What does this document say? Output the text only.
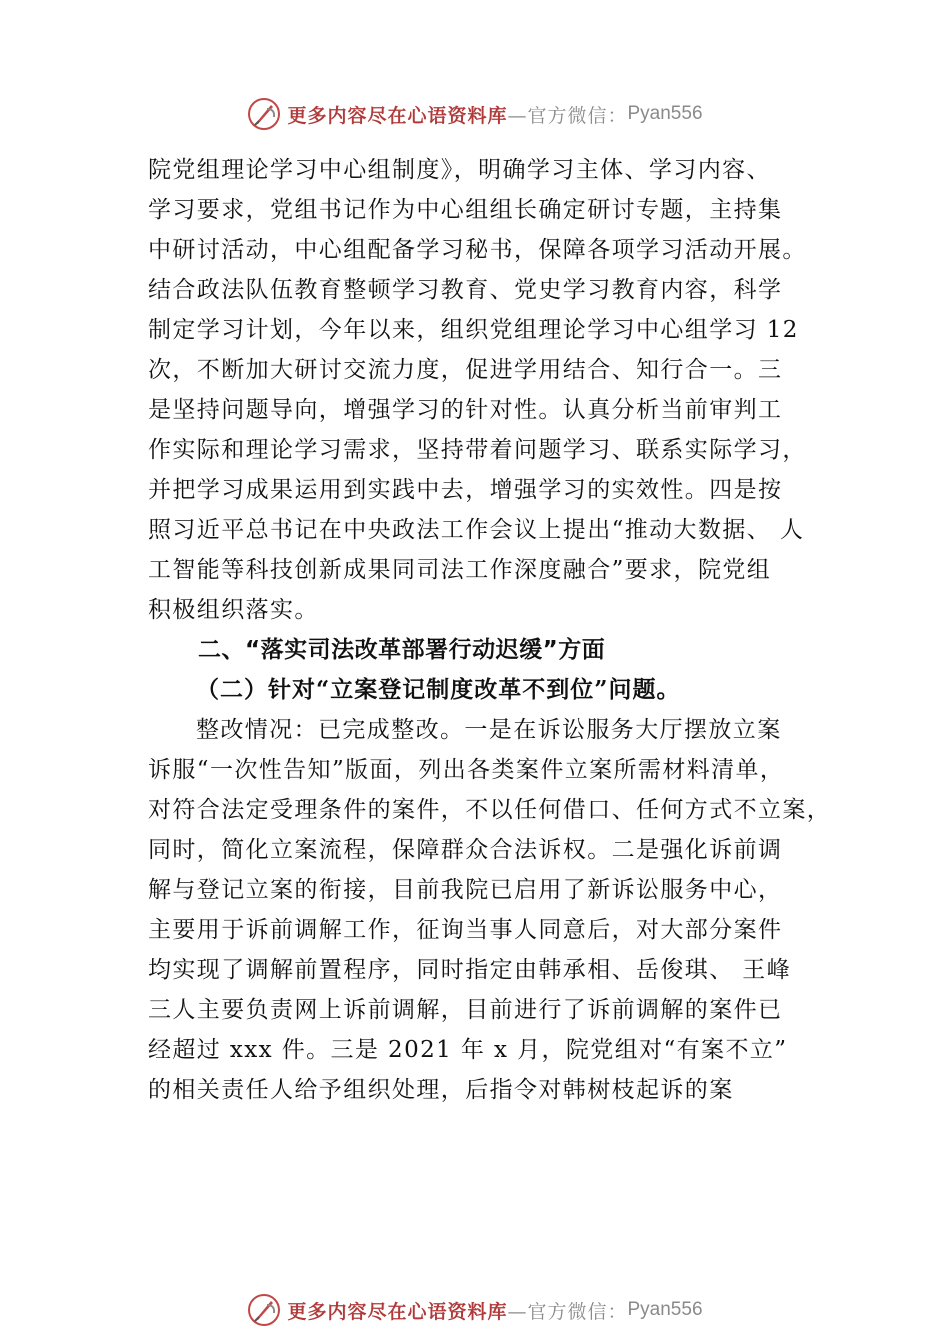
更多内容尽在心语资料库 —官方微信： Pyan556
院党组理论学习中心组制度》，明确学习主体、学习内容、
学习要求，党组书记作为中心组组长确定研讨专题，主持集
中研讨活动，中心组配备学习秘书，保障各项学习活动开展。
结合政法队伍教育整顿学习教育、党史学习教育内容，科学
制定学习计划，今年以来，组织党组理论学习中心组学习 12
次，不断加大研讨交流力度，促进学用结合、知行合一。三
是坚持问题导向，增强学习的针对性。认真分析当前审判工
作实际和理论学习需求，坚持带着问题学习、联系实际学习，
并把学习成果运用到实践中去，增强学习的实效性。四是按
照习近平总书记在中央政法工作会议上提出“推动大数据、 人
工智能等科技创新成果同司法工作深度融合”要求，院党组
积极组织落实。
二、“落实司法改革部署行动迟缓”方面
（二）针对“立案登记制度改革不到位”问题。
整改情况：已完成整改。一是在诉讼服务大厅摆放立案
诉服“一次性告知”版面，列出各类案件立案所需材料清单，
对符合法定受理条件的案件，不以任何借口、任何方式不立案，
同时，简化立案流程，保障群众合法诉权。二是强化诉前调
解与登记立案的衔接，目前我院已启用了新诉讼服务中心，
主要用于诉前调解工作，征询当事人同意后，对大部分案件
均实现了调解前置程序，同时指定由韩承相、岳俊琪、 王峰
三人主要负责网上诉前调解，目前进行了诉前调解的案件已
经超过 xxx 件。三是 2021 年 x 月，院党组对“有案不立”
的相关责任人给予组织处理，后指令对韩树枝起诉的案
更多内容尽在心语资料库 —官方微信： Pyan556
